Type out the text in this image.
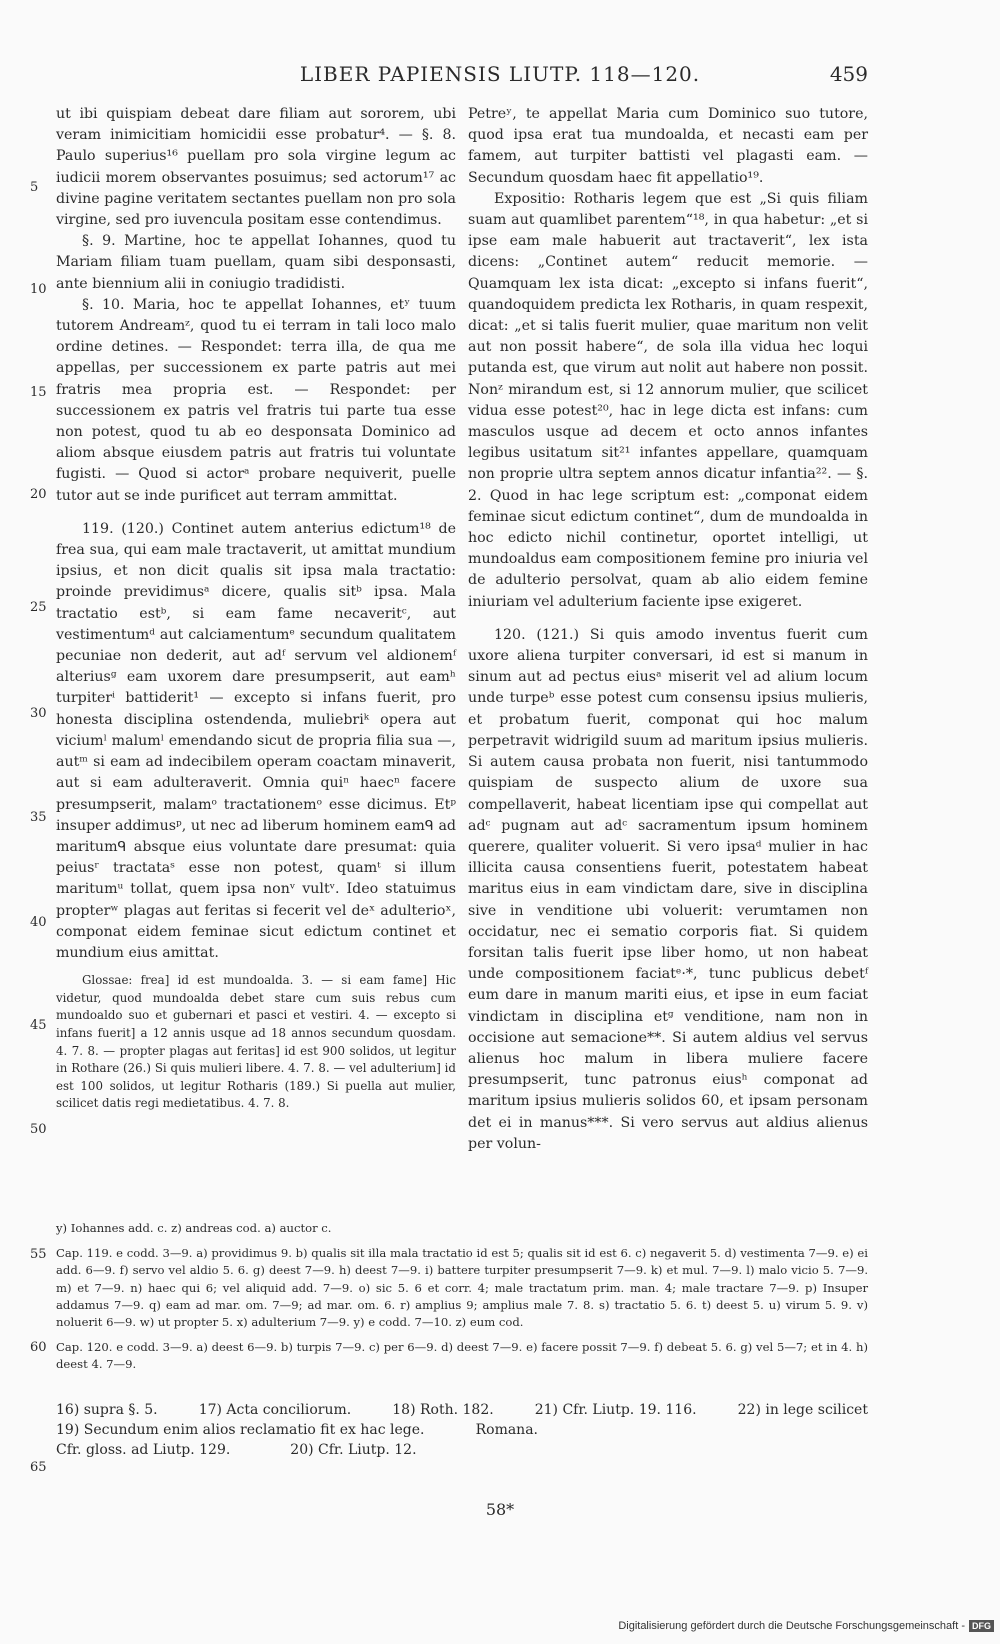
LIBER PAPIENSIS LIUTP. 118—120.	459
5
10
15
20
25
30
35
40
45
50
55
60
65

ut ibi quispiam debeat dare filiam aut sororem, ubi veram inimicitiam homicidii esse probatur⁴. — §. 8. Paulo superius¹⁶ puellam pro sola virgine legum ac iudicii morem observantes posuimus; sed actorum¹⁷ ac divine pagine veritatem sectantes puellam non pro sola virgine, sed pro iuvencula positam esse contendimus.

§. 9. Martine, hoc te appellat Iohannes, quod tu Mariam filiam tuam puellam, quam sibi desponsasti, ante biennium alii in coniugio tradidisti.

§. 10. Maria, hoc te appellat Iohannes, etʸ tuum tutorem Andreamᶻ, quod tu ei terram in tali loco malo ordine detines. — Respondet: terra illa, de qua me appellas, per successionem ex parte patris aut mei fratris mea propria est. — Respondet: per successionem ex patris vel fratris tui parte tua esse non potest, quod tu ab eo desponsata Dominico ad aliom absque eiusdem patris aut fratris tui voluntate fugisti. — Quod si actorᵃ probare nequiverit, puelle tutor aut se inde purificet aut terram ammittat.

119. (120.) Continet autem anterius edictum¹⁸ de frea sua, qui eam male tractaverit, ut amittat mundium ipsius, et non dicit qualis sit ipsa mala tractatio: proinde previdimusᵃ dicere, qualis sitᵇ ipsa. Mala tractatio estᵇ, si eam fame necaveritᶜ, aut vestimentumᵈ aut calciamentumᵉ secundum qualitatem pecuniae non dederit, aut adᶠ servum vel aldionemᶠ alteriusᵍ eam uxorem dare presumpserit, aut eamʰ turpiterⁱ battiderit¹ — excepto si infans fuerit, pro honesta disciplina ostendenda, muliebriᵏ opera aut viciumˡ malumˡ emendando sicut de propria filia sua —, autᵐ si eam ad indecibilem operam coactam minaverit, aut si eam adulteraverit. Omnia quiⁿ haecⁿ facere presumpserit, malamᵒ tractationemᵒ esse dicimus. Etᵖ insuper addimusᵖ, ut nec ad liberum hominem eamᑫ ad maritumᑫ absque eius voluntate dare presumat: quia peiusʳ tractataˢ esse non potest, quamᵗ si illum maritumᵘ tollat, quem ipsa nonᵛ vultᵛ. Ideo statuimus propterʷ plagas aut feritas si fecerit vel deˣ adulterioˣ, componat eidem feminae sicut edictum continet et mundium eius amittat.

Glossae: frea] id est mundoalda. 3. — si eam fame] Hic videtur, quod mundoalda debet stare cum suis rebus cum mundoaldo suo et gubernari et pasci et vestiri. 4. — excepto si infans fuerit] a 12 annis usque ad 18 annos secundum quosdam. 4. 7. 8. — propter plagas aut feritas] id est 900 solidos, ut legitur in Rothare (26.) Si quis mulieri libere. 4. 7. 8. — vel adulterium] id est 100 solidos, ut legitur Rotharis (189.) Si puella aut mulier, scilicet datis regi medietatibus. 4. 7. 8.

Petreʸ, te appellat Maria cum Dominico suo tutore, quod ipsa erat tua mundoalda, et necasti eam per famem, aut turpiter battisti vel plagasti eam. — Secundum quosdam haec fit appellatio¹⁹.

Expositio: Rotharis legem que est „Si quis filiam suam aut quamlibet parentem“¹⁸, in qua habetur: „et si ipse eam male habuerit aut tractaverit“, lex ista dicens: „Continet autem“ reducit memorie. — Quamquam lex ista dicat: „excepto si infans fuerit“, quandoquidem predicta lex Rotharis, in quam respexit, dicat: „et si talis fuerit mulier, quae maritum non velit aut non possit habere“, de sola illa vidua hec loqui putanda est, que virum aut nolit aut habere non possit. Nonᶻ mirandum est, si 12 annorum mulier, que scilicet vidua esse potest²⁰, hac in lege dicta est infans: cum masculos usque ad decem et octo annos infantes legibus usitatum sit²¹ infantes appellare, quamquam non proprie ultra septem annos dicatur infantia²². — §. 2. Quod in hac lege scriptum est: „componat eidem feminae sicut edictum continet“, dum de mundoalda in hoc edicto nichil continetur, oportet intelligi, ut mundoaldus eam compositionem femine pro iniuria vel de adulterio persolvat, quam ab alio eidem femine iniuriam vel adulterium faciente ipse exigeret.

120. (121.) Si quis amodo inventus fuerit cum uxore aliena turpiter conversari, id est si manum in sinum aut ad pectus eiusᵃ miserit vel ad alium locum unde turpeᵇ esse potest cum consensu ipsius mulieris, et probatum fuerit, componat qui hoc malum perpetravit widrigild suum ad maritum ipsius mulieris. Si autem causa probata non fuerit, nisi tantummodo quispiam de suspecto alium de uxore sua compellaverit, habeat licentiam ipse qui compellat aut adᶜ pugnam aut adᶜ sacramentum ipsum hominem querere, qualiter voluerit. Si vero ipsaᵈ mulier in hac illicita causa consentiens fuerit, potestatem habeat maritus eius in eam vindictam dare, sive in disciplina sive in venditione ubi voluerit: verumtamen non occidatur, nec ei sematio corporis fiat. Si quidem forsitan talis fuerit ipse liber homo, ut non habeat unde compositionem faciatᵉ·*, tunc publicus debetᶠ eum dare in manum mariti eius, et ipse in eum faciat vindictam in disciplina etᵍ venditione, nam non in occisione aut semacione**. Si autem aldius vel servus alienus hoc malum in libera muliere facere presumpserit, tunc patronus eiusʰ componat ad maritum ipsius mulieris solidos 60, et ipsam personam det ei in manus***. Si vero servus aut aldius alienus per volun-

y) Iohannes add. c. z) andreas cod. a) auctor c.

Cap. 119. e codd. 3—9. a) providimus 9. b) qualis sit illa mala tractatio id est 5; qualis sit id est 6. c) negaverit 5. d) vestimenta 7—9. e) ei add. 6—9. f) servo vel aldio 5. 6. g) deest 7—9. h) deest 7—9. i) battere turpiter presumpserit 7—9. k) et mul. 7—9. l) malo vicio 5. 7—9. m) et 7—9. n) haec qui 6; vel aliquid add. 7—9. o) sic 5. 6 et corr. 4; male tractatum prim. man. 4; male tractare 7—9. p) Insuper addamus 7—9. q) eam ad mar. om. 7—9; ad mar. om. 6. r) amplius 9; amplius male 7. 8. s) tractatio 5. 6. t) deest 5. u) virum 5. 9. v) noluerit 6—9. w) ut propter 5. x) adulterium 7—9. y) e codd. 7—10. z) eum cod.

Cap. 120. e codd. 3—9. a) deest 6—9. b) turpis 7—9. c) per 6—9. d) deest 7—9. e) facere possit 7—9. f) debeat 5. 6. g) vel 5—7; et in 4. h) deest 4. 7—9.

16) supra §. 5.	17) Acta conciliorum.	18) Roth. 182.	21) Cfr. Liutp. 19. 116.	22) in lege scilicet
19) Secundum enim alios reclamatio fit ex hac lege.	Romana.
Cfr. gloss. ad Liutp. 129.	20) Cfr. Liutp. 12.
58*
Digitalisierung gefördert durch die Deutsche Forschungsgemeinschaft - DFG
